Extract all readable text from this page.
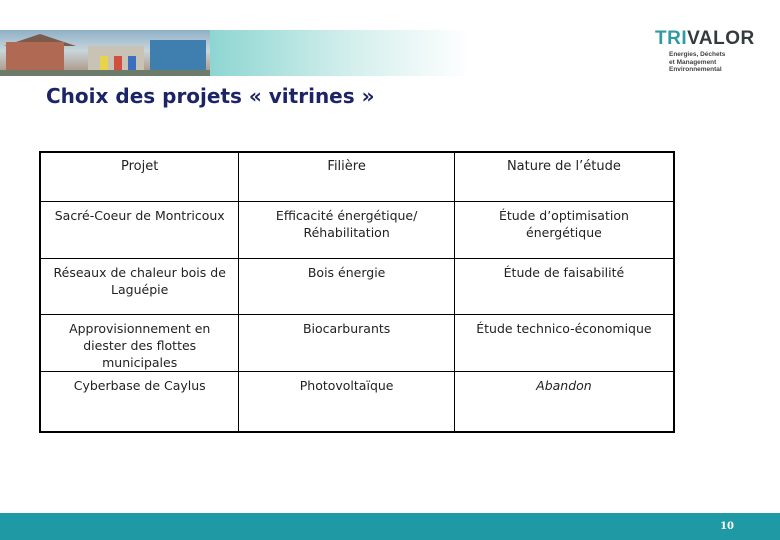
TRIVALOR
Energies, Déchets
et Management
Environnemental
Choix des projets « vitrines »
Projet	Filière	Nature de l’étude
Sacré-Coeur de Montricoux	Efficacité énergétique/ Réhabilitation	Étude d’optimisation énergétique
Réseaux de chaleur bois de Laguépie	Bois énergie	Étude de faisabilité
Approvisionnement en diester des flottes municipales	Biocarburants	Étude technico-économique
Cyberbase de Caylus	Photovoltaïque	Abandon
10
